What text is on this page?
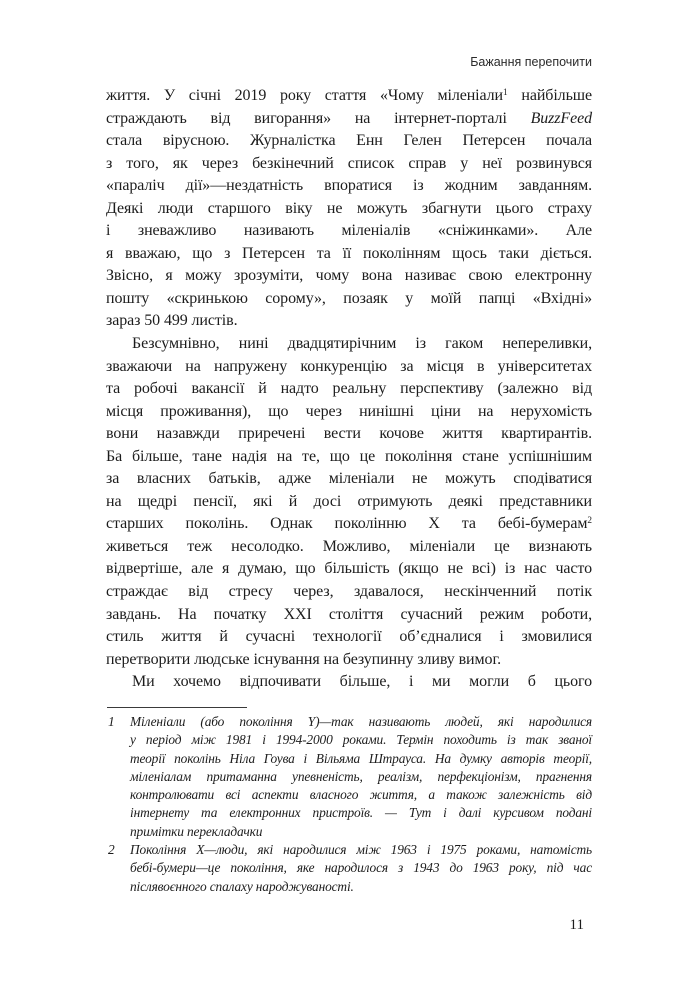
Бажання перепочити
життя. У січні 2019 року стаття «Чому міленіали$^1$ найбільше
страждають від вигорання» на інтернет-порталі BuzzFeed
стала вірусною. Журналістка Енн Гелен Петерсен почала
з того, як через безкінечний список справ у неї розвинувся
«параліч дії»—нездатність впоратися із жодним завданням.
Деякі люди старшого віку не можуть збагнути цього страху
і зневажливо називають міленіалів «сніжинками». Але
я вважаю, що з Петерсен та її поколінням щось таки діється.
Звісно, я можу зрозуміти, чому вона називає свою електронну
пошту «скринькою сорому», позаяк у моїй папці «Вхідні»
зараз 50 499 листів.
Безсумнівно, нині двадцятирічним із гаком непереливки,
зважаючи на напружену конкуренцію за місця в університетах
та робочі вакансії й надто реальну перспективу (залежно від
місця проживання), що через нинішні ціни на нерухомість
вони назавжди приречені вести кочове життя квартирантів.
Ба більше, тане надія на те, що це покоління стане успішнішим
за власних батьків, адже міленіали не можуть сподіватися
на щедрі пенсії, які й досі отримують деякі представники
старших поколінь. Однак поколінню X та бебі-бумерам$^2$
живеться теж несолодко. Можливо, міленіали це визнають
відвертіше, але я думаю, що більшість (якщо не всі) із нас часто
страждає від стресу через, здавалося, нескінченний потік
завдань. На початку XXI століття сучасний режим роботи,
стиль життя й сучасні технології об’єдналися і змовилися
перетворити людське існування на безупинну зливу вимог.
Ми хочемо відпочивати більше, і ми могли б цього
1 Міленіали (або покоління Y)—так називають людей, які народилися
у період між 1981 і 1994-2000 роками. Термін походить із так званої
теорії поколінь Ніла Гоува і Вільяма Штрауса. На думку авторів теорії,
міленіалам притаманна упевненість, реалізм, перфекціонізм, прагнення
контролювати всі аспекти власного життя, а також залежність від
інтернету та електронних пристроїв. — Тут і далі курсивом подані
примітки перекладачки
2 Покоління X—люди, які народилися між 1963 і 1975 роками, натомість
бебі-бумери—це покоління, яке народилося з 1943 до 1963 року, під час
післявоєнного спалаху народжуваності.
11
